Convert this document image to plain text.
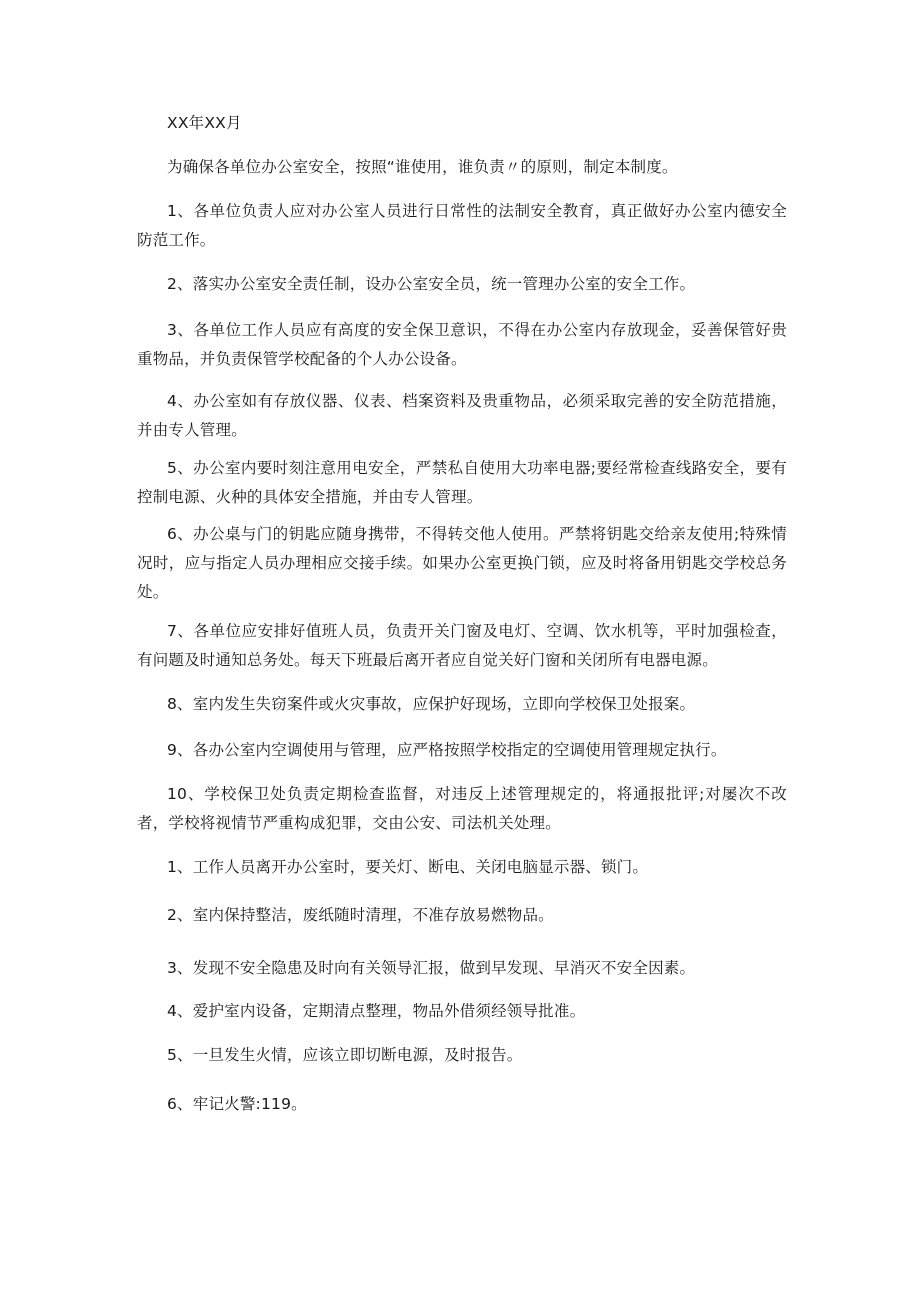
XX年XX月

为确保各单位办公室安全，按照“谁使用，谁负责〃的原则，制定本制度。

1、各单位负责人应对办公室人员进行日常性的法制安全教育，真正做好办公室内德安全防范工作。

2、落实办公室安全责任制，设办公室安全员，统一管理办公室的安全工作。

3、各单位工作人员应有高度的安全保卫意识，不得在办公室内存放现金，妥善保管好贵重物品，并负责保管学校配备的个人办公设备。

4、办公室如有存放仪器、仪表、档案资料及贵重物品，必须采取完善的安全防范措施，并由专人管理。

5、办公室内要时刻注意用电安全，严禁私自使用大功率电器;要经常检查线路安全，要有控制电源、火种的具体安全措施，并由专人管理。

6、办公桌与门的钥匙应随身携带，不得转交他人使用。严禁将钥匙交给亲友使用;特殊情况时，应与指定人员办理相应交接手续。如果办公室更换门锁，应及时将备用钥匙交学校总务处。

7、各单位应安排好值班人员，负责开关门窗及电灯、空调、饮水机等，平时加强检查，有问题及时通知总务处。每天下班最后离开者应自觉关好门窗和关闭所有电器电源。

8、室内发生失窃案件或火灾事故，应保护好现场，立即向学校保卫处报案。

9、各办公室内空调使用与管理，应严格按照学校指定的空调使用管理规定执行。

10、学校保卫处负责定期检查监督，对违反上述管理规定的，将通报批评;对屡次不改者，学校将视情节严重构成犯罪，交由公安、司法机关处理。

1、工作人员离开办公室时，要关灯、断电、关闭电脑显示器、锁门。

2、室内保持整洁，废纸随时清理，不准存放易燃物品。

3、发现不安全隐患及时向有关领导汇报，做到早发现、早消灭不安全因素。

4、爱护室内设备，定期清点整理，物品外借须经领导批准。

5、一旦发生火情，应该立即切断电源，及时报告。

6、牢记火警:119。
